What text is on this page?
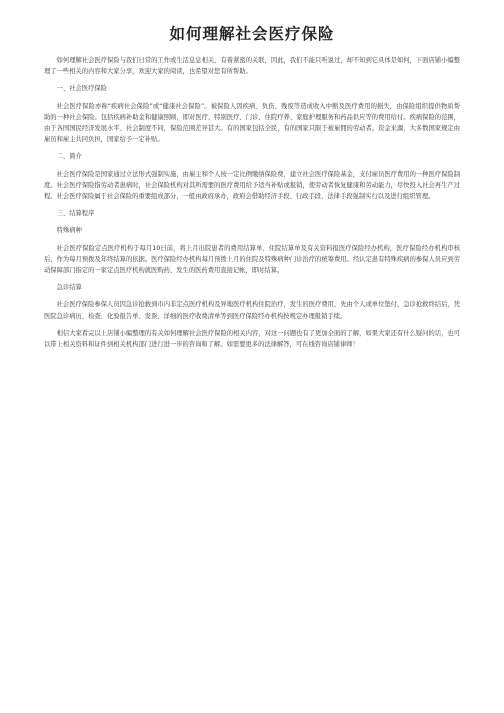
如何理解社会医疗保险

如何理解社会医疗保险与我们日常的工作或生活息息相关，有着紧密的关联，因此，我们不能只听说过，却不知到它具体是如何，下面店铺小编整理了一些相关的内容和大家分享，欢迎大家的阅读，也希望对您有所帮助。

一、社会医疗保险

社会医疗保险亦称“疾病社会保险”或“健康社会保险”。被保险人因疾病、负伤、残废等造成收入中断及医疗费用的损失，由保险组织提供物质帮助的一种社会保险。包括疾病补助金和健康照顾，即对医疗、特别医疗、门诊、住院疗养、家庭护理服务和药品供应等的费用给付。疾病保险的范围，由于各国国民经济发展水平、社会制度不同，保险范围差异甚大。有的国家包括全民，有的国家只限于被雇佣的劳动者。资金来源，大多数国家规定由雇员和雇主共同负担，国家给予一定补贴。

二、简介

社会医疗保险是国家通过立法形式强制实施，由雇主和个人按一定比例缴纳保险费，建立社会医疗保险基金，支付雇员医疗费用的一种医疗保险制度。社会医疗保险指劳动者患病时，社会保险机构对其所需要的医疗费用给予适当补贴或报销，使劳动者恢复健康和劳动能力，尽快投入社会再生产过程。社会医疗保险属于社会保险的重要组成部分，一般由政府承办，政府会借助经济手段、行政手段、法律手段强制实行以及进行组织管理。

三、结算程序

特殊病种

社会医疗保险定点医疗机构于每月10日前，将上月出院患者的费用结算单、住院结算单及有关资料报医疗保险经办机构，医疗保险经办机构审核后，作为每月预拨及年终结算的依据。医疗保险经办机构每月预拨上月的住院及特殊病种门诊治疗的统筹费用。经认定患有特殊疾病的参保人员应到劳动保障部门指定的一家定点医疗机构就医购药，发生的医药费用直接记帐，即时结算。

急诊结算

社会医疗保险参保人员因急诊抢救到市内非定点医疗机构及异地医疗机构住院治疗，发生的医疗费用，先由个人或单位垫付，急诊抢救终结后，凭医院急诊病历、检查、化验报告单、发票、详细的医疗收费清单等到医疗保险经办机构按规定办理报销手续。

相信大家看完以上店铺小编整理的有关如何理解社会医疗保险的相关内容，对这一问题也有了更加全面的了解，如果大家还有什么疑问的话，也可以带上相关资料和证件到相关机构部门进行进一步的咨询和了解。如需要更多的法律解答，可在线咨询店铺律师！
